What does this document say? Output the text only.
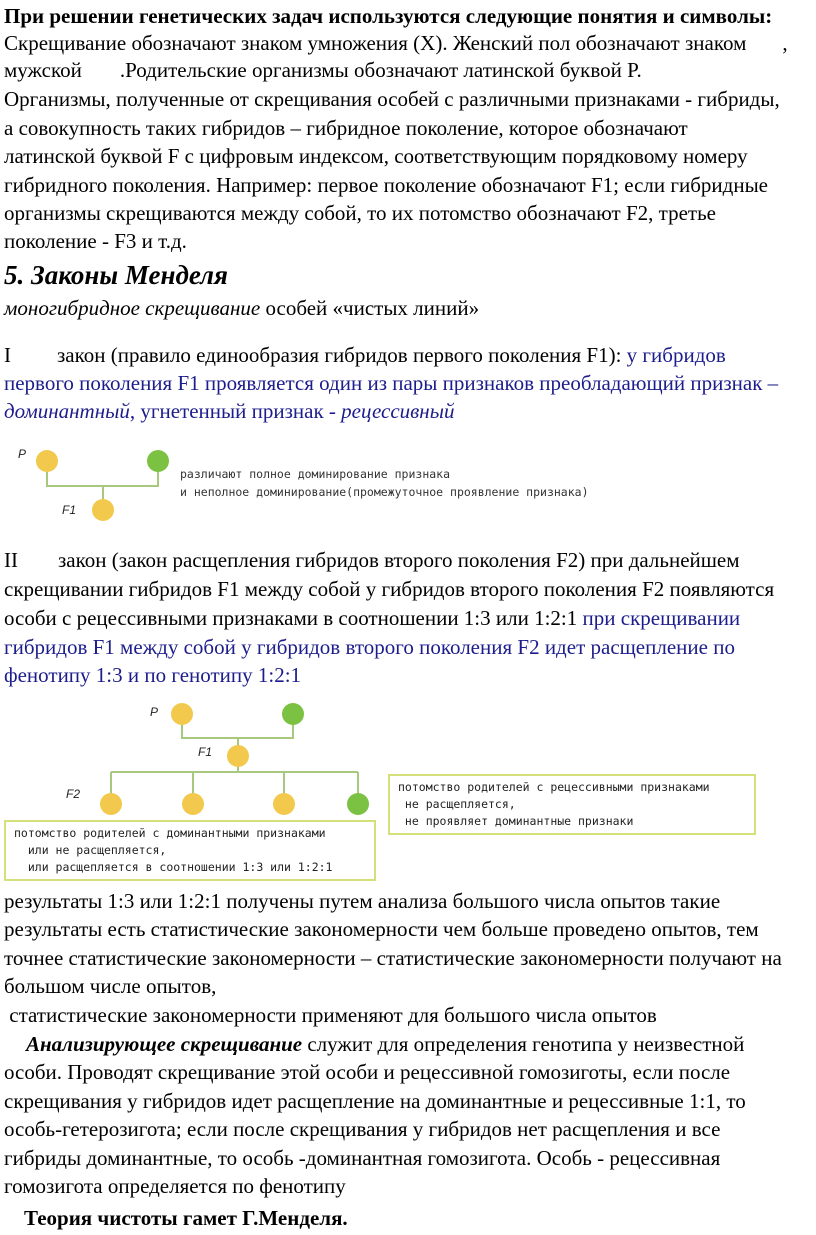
При решении генетических задач используются следующие понятия и символы:
Скрещивание обозначают знаком умножения (X). Женский пол обозначают знаком ,
мужской .Родительские организмы обозначают латинской буквой P.
Организмы, полученные от скрещивания особей с различными признаками - гибриды,
а совокупность таких гибридов – гибридное поколение, которое обозначают
латинской буквой F с цифровым индексом, соответствующим порядковому номеру
гибридного поколения. Например: первое поколение обозначают F1; если гибридные
организмы скрещиваются между собой, то их потомство обозначают F2, третье
поколение - F3 и т.д.
5. Законы Менделя
моногибридное скрещивание особей «чистых линий»
I закон (правило единообразия гибридов первого поколения F1): у гибридов
первого поколения F1 проявляется один из пары признаков преобладающий признак –
доминантный, угнетенный признак - рецессивный
P
F1
различают полное доминирование признака
и неполное доминирование(промежуточное проявление признака)
II закон (закон расщепления гибридов второго поколения F2) при дальнейшем
скрещивании гибридов F1 между собой у гибридов второго поколения F2 появляются
особи с рецессивными признаками в соотношении 1:3 или 1:2:1 при скрещивании
гибридов F1 между собой у гибридов второго поколения F2 идет расщепление по
фенотипу 1:3 и по генотипу 1:2:1
P
F1
F2	потомство родителей с рецессивными признаками
не расщепляется,
не проявляет доминантные признаки
потомство родителей с доминантными признаками
или не расщепляется,
или расщепляется в соотношении 1:3 или 1:2:1
результаты 1:3 или 1:2:1 получены путем анализа большого числа опытов такие
результаты есть статистические закономерности чем больше проведено опытов, тем
точнее статистические закономерности – статистические закономерности получают на
большом числе опытов,
статистические закономерности применяют для большого числа опытов
Анализирующее скрещивание служит для определения генотипа у неизвестной
особи. Проводят скрещивание этой особи и рецессивной гомозиготы, если после
скрещивания у гибридов идет расщепление на доминантные и рецессивные 1:1, то
особь-гетерозигота; если после скрещивания у гибридов нет расщепления и все
гибриды доминантные, то особь -доминантная гомозигота. Особь - рецессивная
гомозигота определяется по фенотипу
Теория чистоты гамет Г.Менделя.
